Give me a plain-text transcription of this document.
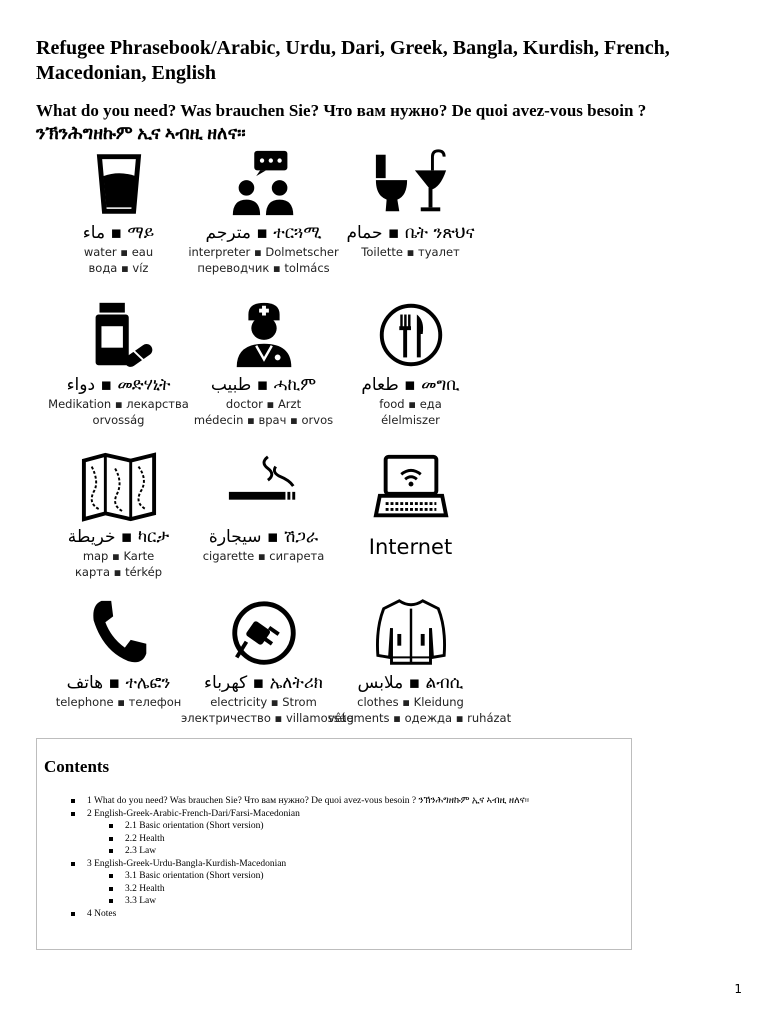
Refugee Phrasebook/Arabic, Urdu, Dari, Greek, Bangla, Kurdish, French, Macedonian, English

What do you need? Was brauchen Sie? Что вам нужно? De quoi avez-vous besoin ?
ንኽንሕግዘኩም ኢና ኣብዚ ዘለና፡፡

ماء ▪ ማይ
water ▪ eau
вода ▪ víz
مترجم ▪ ተርጓሚ
interpreter ▪ Dolmetscher
переводчик ▪ tolmács
حمام ▪ ቤት ንጽህና
Toilette ▪ туалет
دواء ▪ መድሃኒት
Medikation ▪ лекарства
orvosság
طبيب ▪ ሓኪም
doctor ▪ Arzt
médecin ▪ врач ▪ orvos
طعام ▪ መግቢ
food ▪ еда
élelmiszer
خريطة ▪ ካርታ
map ▪ Karte
карта ▪ térkép
سيجارة ▪ ሽጋራ
cigarette ▪ сигарета	Internet
هاتف ▪ ተሌፎን
telephone ▪ телефон
كهرباء ▪ ኤለትሪክ
electricity ▪ Strom
электричество ▪ villamosság
ملابس ▪ ልብሲ
clothes ▪ Kleidung
vêtements ▪ одежда ▪ ruházat
Contents
1 What do you need? Was brauchen Sie? Что вам нужно? De quoi avez-vous besoin ? ንኽንሕግዘኩም ኢና ኣብዚ ዘለና፡፡
2 English-Greek-Arabic-French-Dari/Farsi-Macedonian
2.1 Basic orientation (Short version)
2.2 Health
2.3 Law
3 English-Greek-Urdu-Bangla-Kurdish-Macedonian
3.1 Basic orientation (Short version)
3.2 Health
3.3 Law
4 Notes
1
